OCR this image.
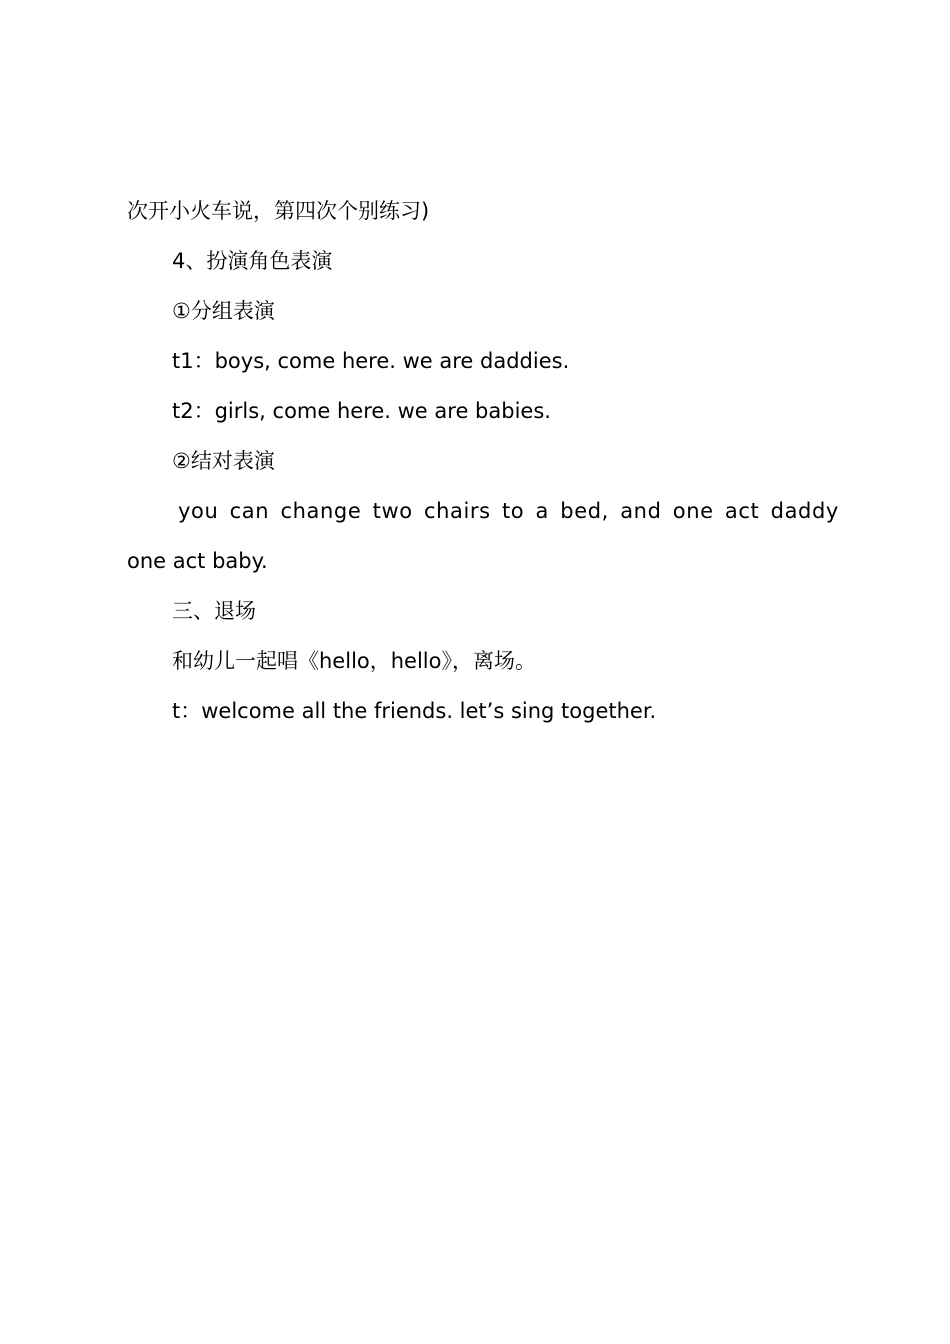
次开小火车说，第四次个别练习)

4、扮演角色表演

①分组表演

t1：boys, come here. we are daddies.

t2：girls, come here. we are babies.

②结对表演

you can change two chairs to a bed, and one act daddy

one act baby.

三、退场

和幼儿一起唱《hello，hello》，离场。

t：welcome all the friends. let’s sing together.
